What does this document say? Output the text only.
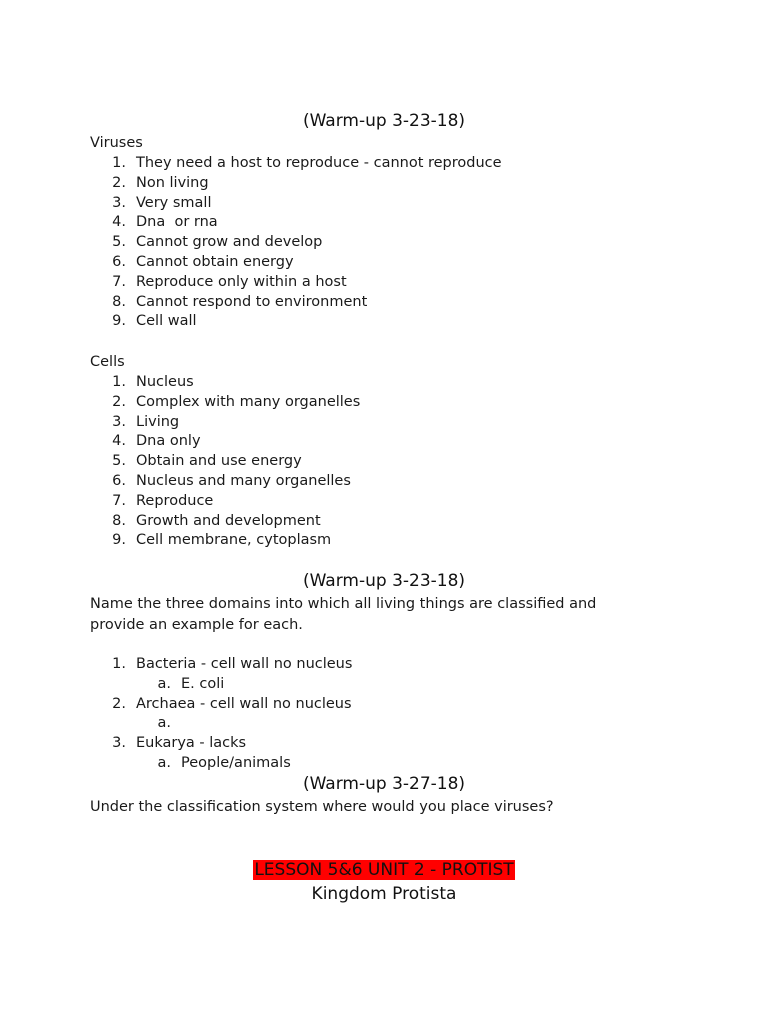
(Warm-up 3-23-18)
Viruses
1. They need a host to reproduce - cannot reproduce
2. Non living
3. Very small
4. Dna  or rna
5. Cannot grow and develop
6. Cannot obtain energy
7. Reproduce only within a host
8. Cannot respond to environment
9. Cell wall
Cells
1. Nucleus
2. Complex with many organelles
3. Living
4. Dna only
5. Obtain and use energy
6. Nucleus and many organelles
7. Reproduce
8. Growth and development
9. Cell membrane, cytoplasm
(Warm-up 3-23-18)
Name the three domains into which all living things are classified and provide an example for each.
1. Bacteria - cell wall no nucleus
a. E. coli
2. Archaea - cell wall no nucleus
a.
3. Eukarya - lacks
a. People/animals
(Warm-up 3-27-18)
Under the classification system where would you place viruses?
LESSON 5&6 UNIT 2 - PROTIST
Kingdom Protista
